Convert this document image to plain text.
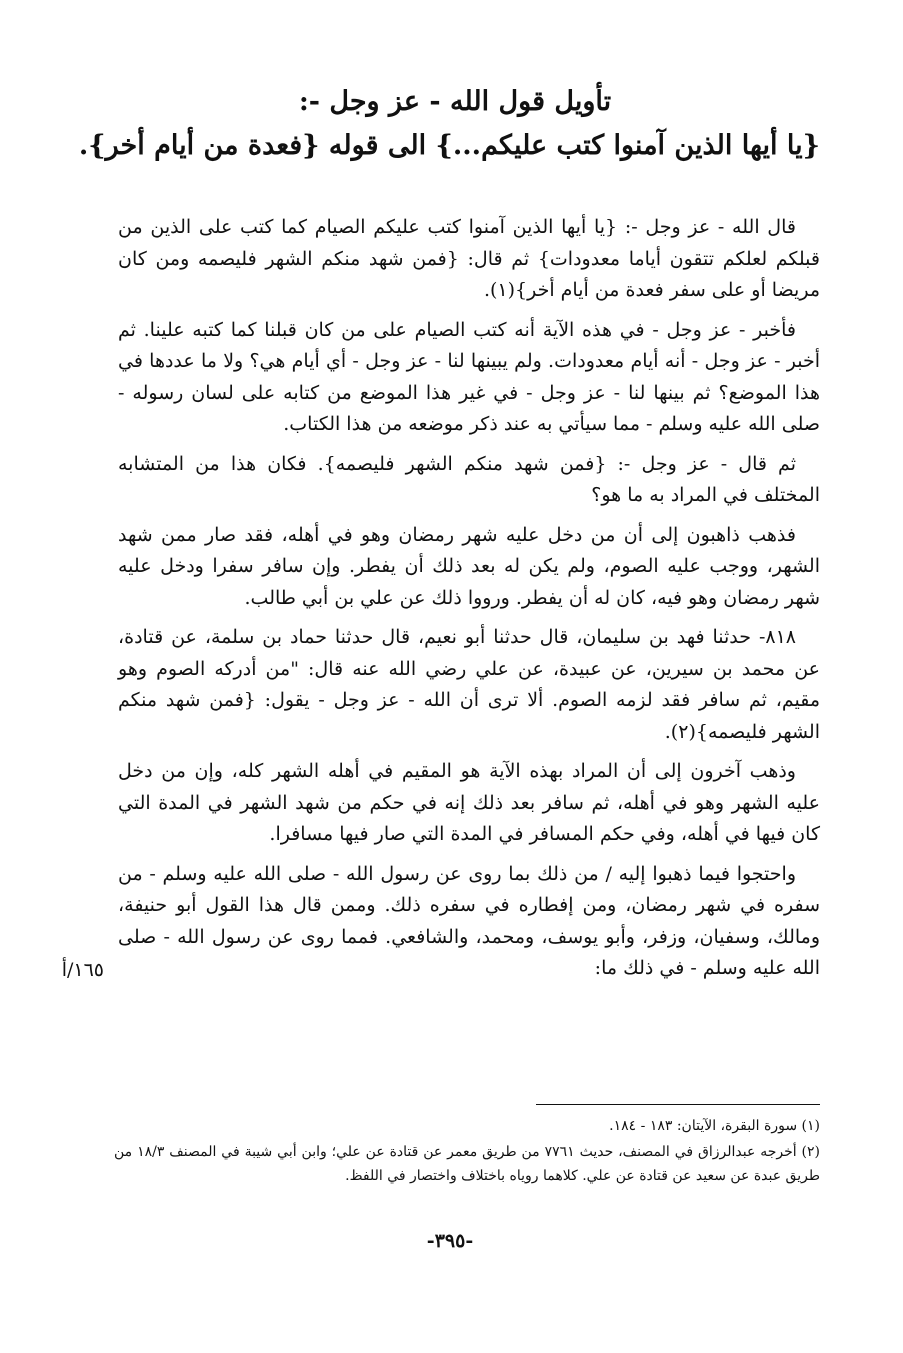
تأويل قول الله - عز وجل -:
{يا أيها الذين آمنوا كتب عليكم...} الى قوله {فعدة من أيام أخر}.

قال الله - عز وجل -: {يا أيها الذين آمنوا كتب عليكم الصيام كما كتب على الذين من قبلكم لعلكم تتقون أياما معدودات} ثم قال: {فمن شهد منكم الشهر فليصمه ومن كان مريضا أو على سفر فعدة من أيام أخر}(١).

فأخبر - عز وجل - في هذه الآية أنه كتب الصيام على من كان قبلنا كما كتبه علينا. ثم أخبر - عز وجل - أنه أيام معدودات. ولم يبينها لنا - عز وجل - أي أيام هي؟ ولا ما عددها في هذا الموضع؟ ثم بينها لنا - عز وجل - في غير هذا الموضع من كتابه على لسان رسوله - صلى الله عليه وسلم - مما سيأتي به عند ذكر موضعه من هذا الكتاب.

ثم قال - عز وجل -: {فمن شهد منكم الشهر فليصمه}. فكان هذا من المتشابه المختلف في المراد به ما هو؟

فذهب ذاهبون إلى أن من دخل عليه شهر رمضان وهو في أهله، فقد صار ممن شهد الشهر، ووجب عليه الصوم، ولم يكن له بعد ذلك أن يفطر. وإن سافر سفرا ودخل عليه شهر رمضان وهو فيه، كان له أن يفطر. ورووا ذلك عن علي بن أبي طالب.

٨١٨- حدثنا فهد بن سليمان، قال حدثنا أبو نعيم، قال حدثنا حماد بن سلمة، عن قتادة، عن محمد بن سيرين، عن عبيدة، عن علي رضي الله عنه قال: "من أدركه الصوم وهو مقيم، ثم سافر فقد لزمه الصوم. ألا ترى أن الله - عز وجل - يقول: {فمن شهد منكم الشهر فليصمه}(٢).

وذهب آخرون إلى أن المراد بهذه الآية هو المقيم في أهله الشهر كله، وإن من دخل عليه الشهر وهو في أهله، ثم سافر بعد ذلك إنه في حكم من شهد الشهر في المدة التي كان فيها في أهله، وفي حكم المسافر في المدة التي صار فيها مسافرا.

واحتجوا فيما ذهبوا إليه / من ذلك بما روى عن رسول الله - صلى الله عليه وسلم - من سفره في شهر رمضان، ومن إفطاره في سفره ذلك. وممن قال هذا القول أبو حنيفة، ومالك، وسفيان، وزفر، وأبو يوسف، ومحمد، والشافعي. فمما روى عن رسول الله - صلى الله عليه وسلم - في ذلك ما:

١٦٥/أ

(١) سورة البقرة، الآيتان: ١٨٣ - ١٨٤.

(٢) أخرجه عبدالرزاق في المصنف، حديث ٧٧٦١ من طريق معمر عن قتادة عن علي؛ وابن أبي شيبة في المصنف ١٨/٣ من طريق عبدة عن سعيد عن قتادة عن علي. كلاهما روياه باختلاف واختصار في اللفظ.

-٣٩٥-
